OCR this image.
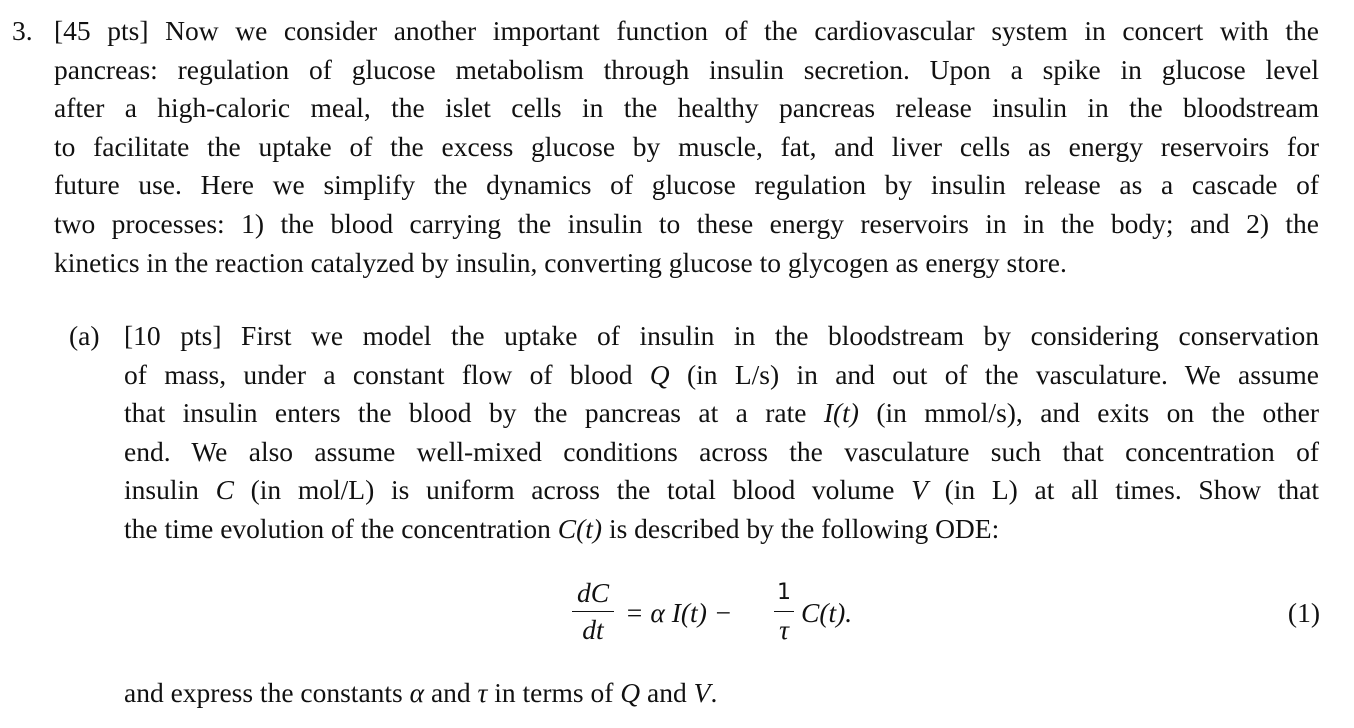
3. [45 pts] Now we consider another important function of the cardiovascular system in concert with the
pancreas: regulation of glucose metabolism through insulin secretion. Upon a spike in glucose level
after a high-caloric meal, the islet cells in the healthy pancreas release insulin in the bloodstream
to facilitate the uptake of the excess glucose by muscle, fat, and liver cells as energy reservoirs for
future use. Here we simplify the dynamics of glucose regulation by insulin release as a cascade of
two processes: 1) the blood carrying the insulin to these energy reservoirs in in the body; and 2) the
kinetics in the reaction catalyzed by insulin, converting glucose to glycogen as energy store.
(a) [10 pts] First we model the uptake of insulin in the bloodstream by considering conservation
of mass, under a constant flow of blood Q (in L/s) in and out of the vasculature. We assume
that insulin enters the blood by the pancreas at a rate I(t) (in mmol/s), and exits on the other
end. We also assume well-mixed conditions across the vasculature such that concentration of
insulin C (in mol/L) is uniform across the total blood volume V (in L) at all times. Show that
the time evolution of the concentration C(t) is described by the following ODE:
dC
dt
= α I(t) −
1
τ
C(t).	(1)
and express the constants α and τ in terms of Q and V.
